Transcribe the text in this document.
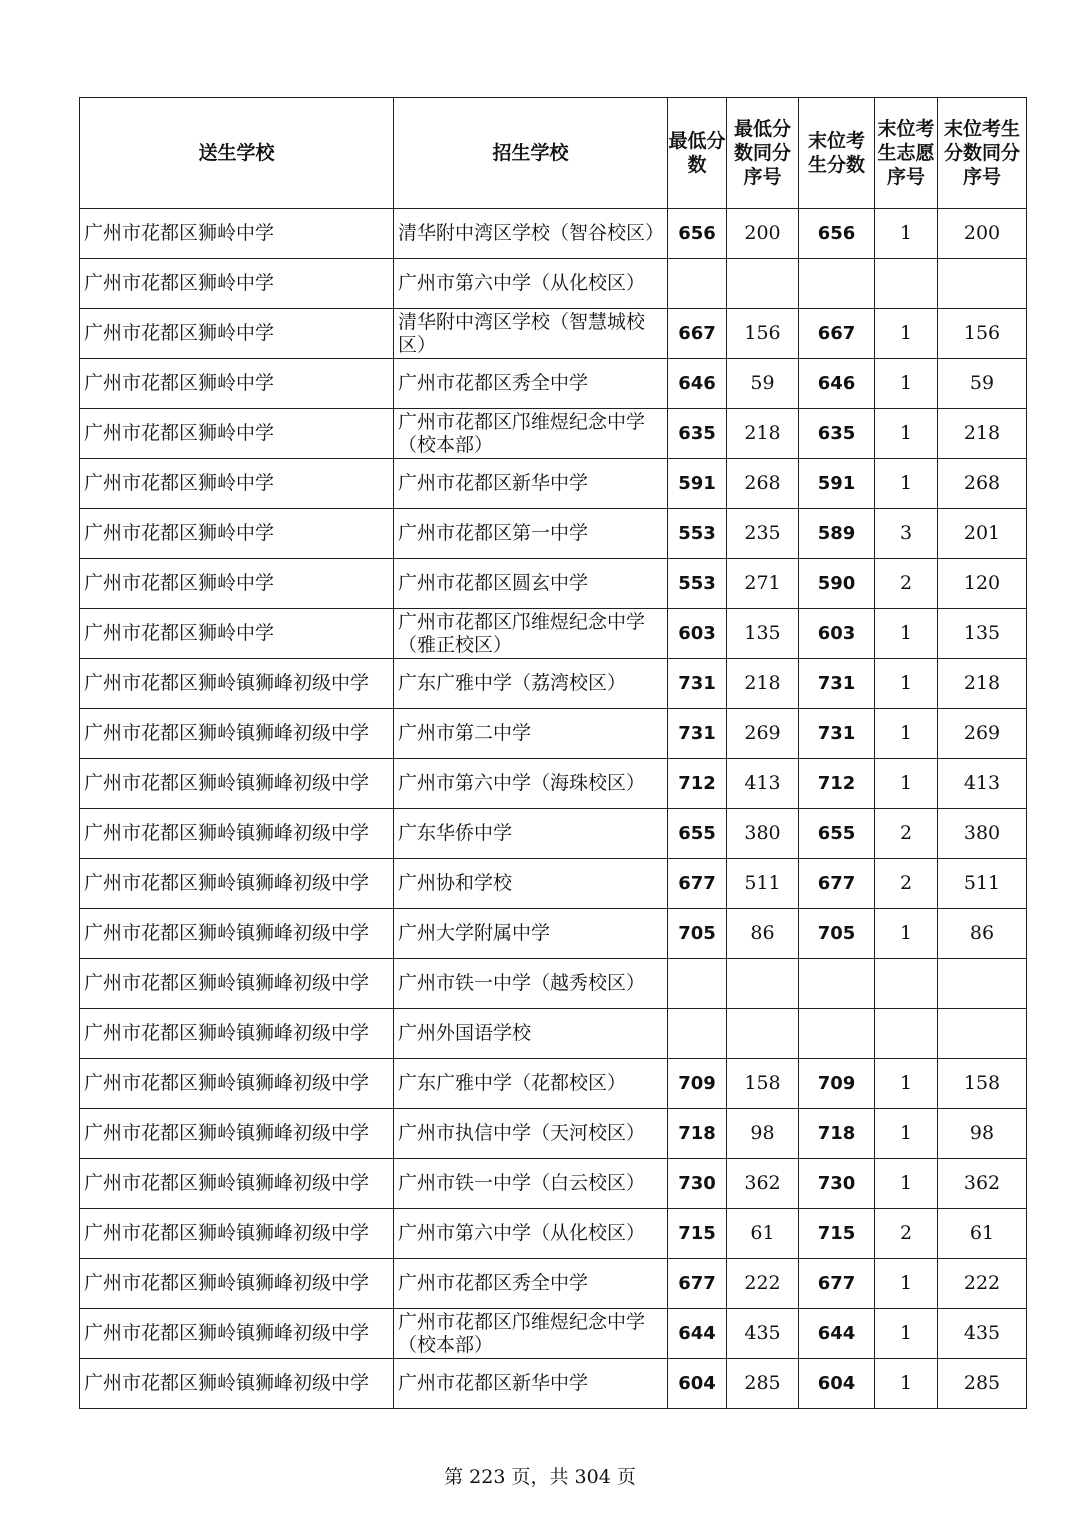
送生学校	招生学校	最低分数	最低分数同分序号	末位考生分数	末位考生志愿序号	末位考生分数同分序号
广州市花都区狮岭中学	清华附中湾区学校（智谷校区）	656	200	656	1	200
广州市花都区狮岭中学	广州市第六中学（从化校区）					
广州市花都区狮岭中学	清华附中湾区学校（智慧城校区）	667	156	667	1	156
广州市花都区狮岭中学	广州市花都区秀全中学	646	59	646	1	59
广州市花都区狮岭中学	广州市花都区邝维煜纪念中学（校本部）	635	218	635	1	218
广州市花都区狮岭中学	广州市花都区新华中学	591	268	591	1	268
广州市花都区狮岭中学	广州市花都区第一中学	553	235	589	3	201
广州市花都区狮岭中学	广州市花都区圆玄中学	553	271	590	2	120
广州市花都区狮岭中学	广州市花都区邝维煜纪念中学（雅正校区）	603	135	603	1	135
广州市花都区狮岭镇狮峰初级中学	广东广雅中学（荔湾校区）	731	218	731	1	218
广州市花都区狮岭镇狮峰初级中学	广州市第二中学	731	269	731	1	269
广州市花都区狮岭镇狮峰初级中学	广州市第六中学（海珠校区）	712	413	712	1	413
广州市花都区狮岭镇狮峰初级中学	广东华侨中学	655	380	655	2	380
广州市花都区狮岭镇狮峰初级中学	广州协和学校	677	511	677	2	511
广州市花都区狮岭镇狮峰初级中学	广州大学附属中学	705	86	705	1	86
广州市花都区狮岭镇狮峰初级中学	广州市铁一中学（越秀校区）					
广州市花都区狮岭镇狮峰初级中学	广州外国语学校					
广州市花都区狮岭镇狮峰初级中学	广东广雅中学（花都校区）	709	158	709	1	158
广州市花都区狮岭镇狮峰初级中学	广州市执信中学（天河校区）	718	98	718	1	98
广州市花都区狮岭镇狮峰初级中学	广州市铁一中学（白云校区）	730	362	730	1	362
广州市花都区狮岭镇狮峰初级中学	广州市第六中学（从化校区）	715	61	715	2	61
广州市花都区狮岭镇狮峰初级中学	广州市花都区秀全中学	677	222	677	1	222
广州市花都区狮岭镇狮峰初级中学	广州市花都区邝维煜纪念中学（校本部）	644	435	644	1	435
广州市花都区狮岭镇狮峰初级中学	广州市花都区新华中学	604	285	604	1	285
第 223 页，共 304 页
